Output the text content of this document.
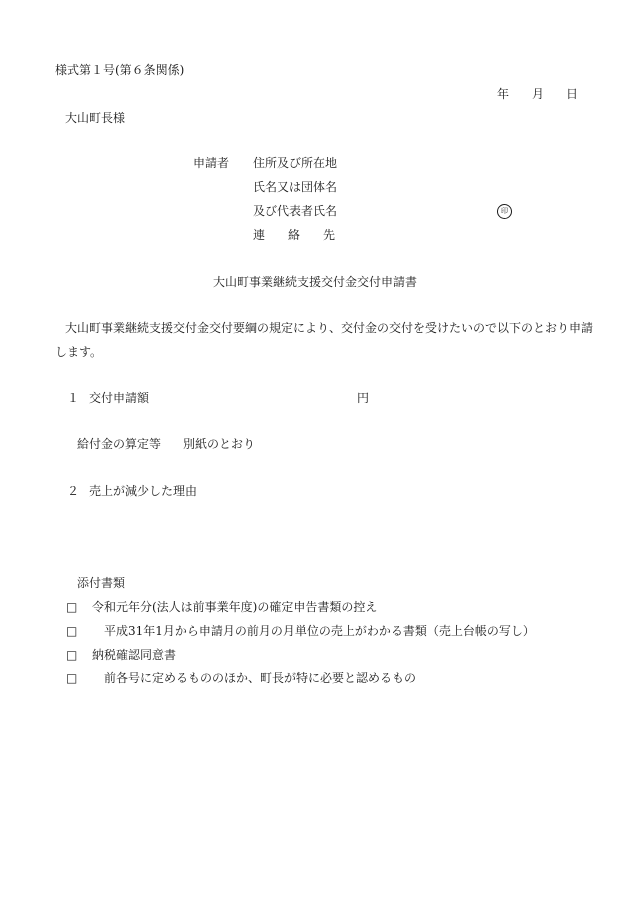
様式第１号(第６条関係)
年 月 日
大山町長様
申請者 住所及び所在地
氏名又は団体名
及び代表者氏名	印
連 絡 先
大山町事業継続支援交付金交付申請書
大山町事業継続支援交付金交付要綱の規定により、交付金の交付を受けたいので以下のとおり申請
します。
１ 交付申請額	円
給付金の算定等 別紙のとおり
２ 売上が減少した理由
添付書類
□ 令和元年分(法人は前事業年度)の確定申告書類の控え
□　平成31年1月から申請月の前月の月単位の売上がわかる書類（売上台帳の写し）
□ 納税確認同意書
□　前各号に定めるもののほか、町長が特に必要と認めるもの
